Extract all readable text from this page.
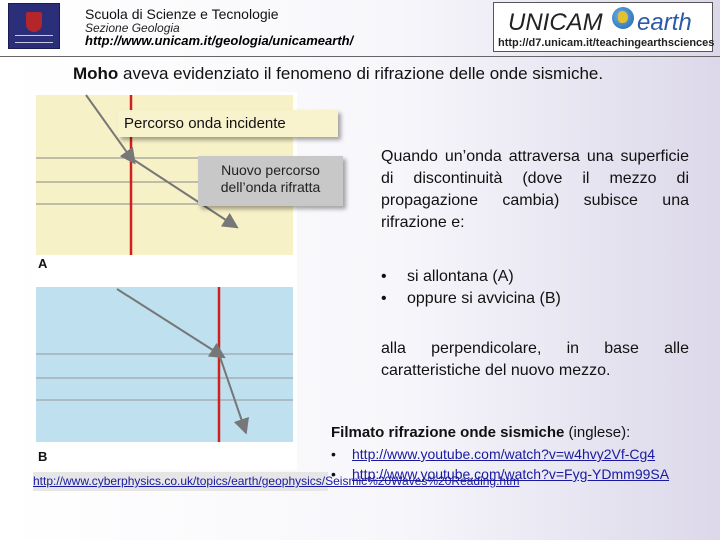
Scuola di Scienze e Tecnologie
Sezione Geologia
http://www.unicam.it/geologia/unicamearth/
UNICAM earth
http://d7.unicam.it/teachingearthsciences
Moho aveva evidenziato il fenomeno di rifrazione delle onde sismiche.
A
B
Percorso onda incidente
Nuovo percorso dell’onda rifratta
http://www.cyberphysics.co.uk/topics/earth/geophysics/Seismic%20Waves%20Reading.htm
Quando un’onda attraversa una superficie di discontinuità (dove il mezzo di propagazione cambia) subisce una rifrazione e:
• si allontana (A)
• oppure si avvicina (B)
alla perpendicolare, in base alle caratteristiche del nuovo mezzo.
Filmato rifrazione onde sismiche (inglese):
• http://www.youtube.com/watch?v=w4hvy2Vf-Cg4
• http://www.youtube.com/watch?v=Fyg-YDmm99SA
